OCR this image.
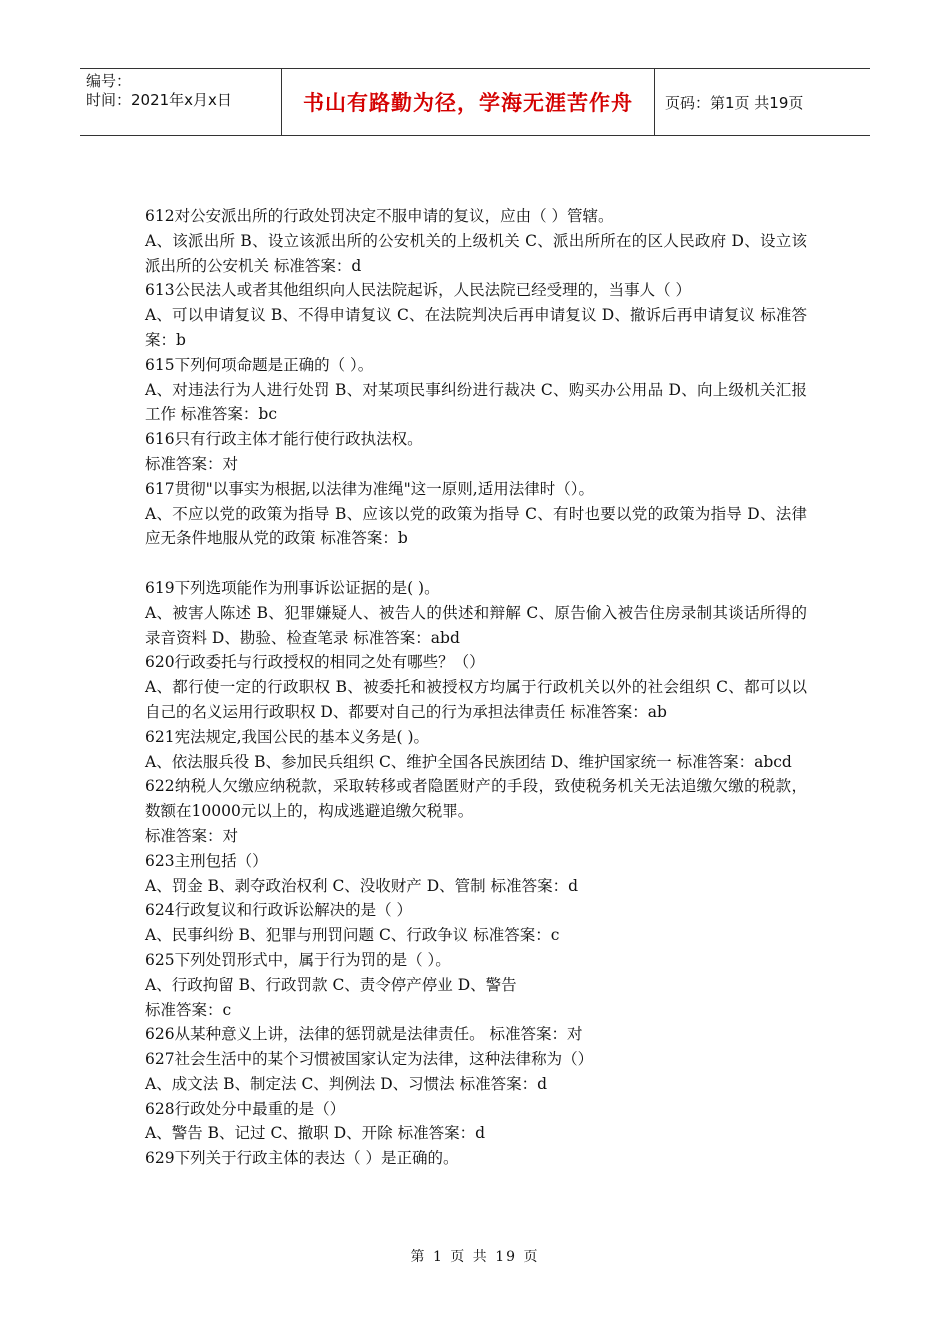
编号：
时间：2021年x月x日	书山有路勤为径，学海无涯苦作舟	页码：第1页 共19页

612对公安派出所的行政处罚决定不服申请的复议，应由（ ）管辖。

A、该派出所 B、设立该派出所的公安机关的上级机关 C、派出所所在的区人民政府 D、设立该派出所的公安机关 标准答案：d

613公民法人或者其他组织向人民法院起诉，人民法院已经受理的，当事人（ ）

A、可以申请复议 B、不得申请复议 C、在法院判决后再申请复议 D、撤诉后再申请复议 标准答案：b

615下列何项命题是正确的（ ）。

A、对违法行为人进行处罚 B、对某项民事纠纷进行裁决 C、购买办公用品 D、向上级机关汇报工作 标准答案：bc

616只有行政主体才能行使行政执法权。

标准答案：对

617贯彻"以事实为根据,以法律为准绳"这一原则,适用法律时（）。

A、不应以党的政策为指导 B、应该以党的政策为指导 C、有时也要以党的政策为指导 D、法律应无条件地服从党的政策 标准答案：b

619下列选项能作为刑事诉讼证据的是( )。

A、被害人陈述 B、犯罪嫌疑人、被告人的供述和辩解 C、原告偷入被告住房录制其谈话所得的录音资料 D、勘验、检查笔录 标准答案：abd

620行政委托与行政授权的相同之处有哪些？（）

A、都行使一定的行政职权 B、被委托和被授权方均属于行政机关以外的社会组织 C、都可以以自己的名义运用行政职权 D、都要对自己的行为承担法律责任 标准答案：ab

621宪法规定,我国公民的基本义务是( )。

A、依法服兵役 B、参加民兵组织 C、维护全国各民族团结 D、维护国家统一 标准答案：abcd

622纳税人欠缴应纳税款，采取转移或者隐匿财产的手段，致使税务机关无法追缴欠缴的税款，数额在10000元以上的，构成逃避追缴欠税罪。

标准答案：对

623主刑包括（）

A、罚金 B、剥夺政治权利 C、没收财产 D、管制 标准答案：d

624行政复议和行政诉讼解决的是（ ）

A、民事纠纷 B、犯罪与刑罚问题 C、行政争议 标准答案：c

625下列处罚形式中，属于行为罚的是（ ）。

A、行政拘留 B、行政罚款 C、责令停产停业 D、警告

标准答案：c

626从某种意义上讲，法律的惩罚就是法律责任。 标准答案：对

627社会生活中的某个习惯被国家认定为法律，这种法律称为（）

A、成文法 B、制定法 C、判例法 D、习惯法 标准答案：d

628行政处分中最重的是（）

A、警告 B、记过 C、撤职 D、开除 标准答案：d

629下列关于行政主体的表达（ ）是正确的。

第 1 页 共 19 页
